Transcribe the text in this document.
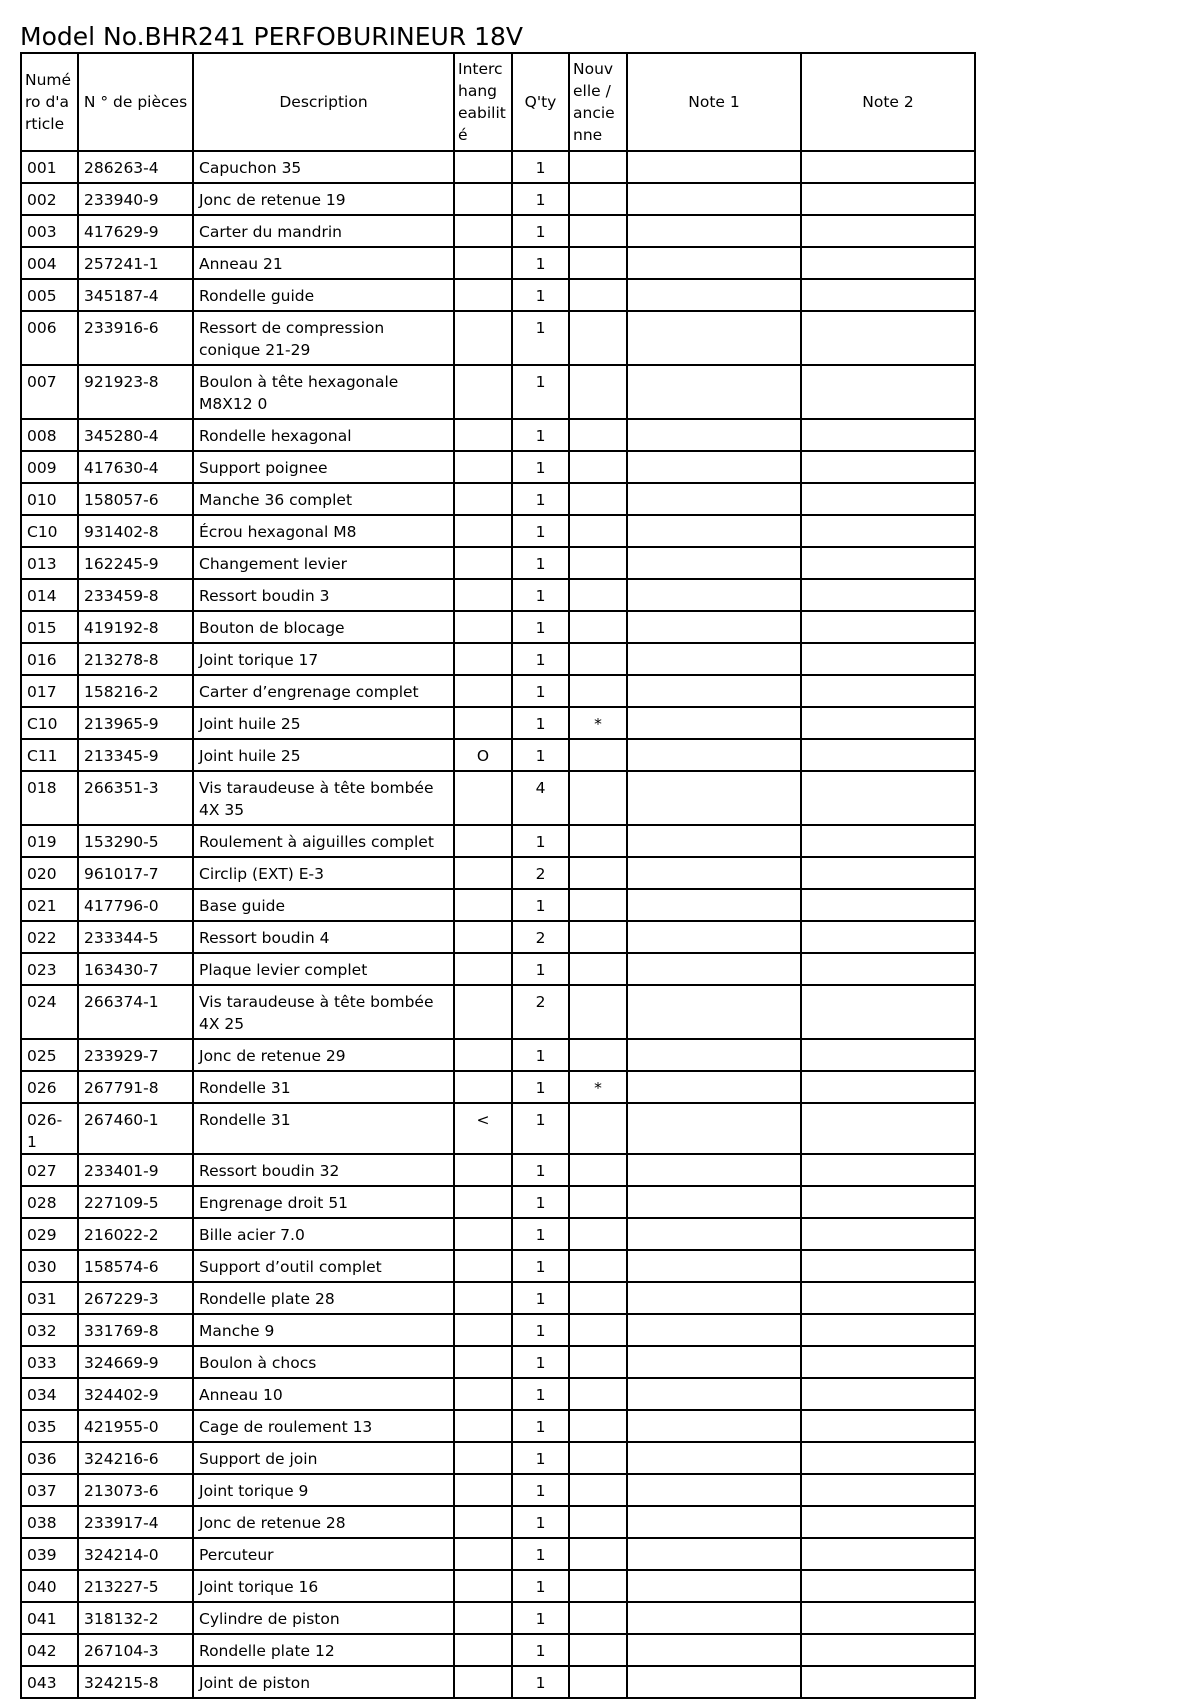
Model No.BHR241 PERFOBURINEUR 18V
Numé ro d'a rticle	N ° de pièces	Description	Interc hang eabilit é	Q'ty	Nouv elle / ancie nne	Note 1	Note 2

001	286263-4	Capuchon 35		1			

002	233940-9	Jonc de retenue 19		1			

003	417629-9	Carter du mandrin		1			

004	257241-1	Anneau 21		1			

005	345187-4	Rondelle guide		1			

006	233916-6	Ressort de compression conique 21-29		1			

007	921923-8	Boulon à tête hexagonale M8X12 0		1			

008	345280-4	Rondelle hexagonal		1			

009	417630-4	Support poignee		1			

010	158057-6	Manche 36 complet		1			

C10	931402-8	Écrou hexagonal M8		1			

013	162245-9	Changement levier		1			

014	233459-8	Ressort boudin 3		1			

015	419192-8	Bouton de blocage		1			

016	213278-8	Joint torique 17		1			

017	158216-2	Carter d’engrenage complet		1			

C10	213965-9	Joint huile 25		1	*		

C11	213345-9	Joint huile 25	O	1			

018	266351-3	Vis taraudeuse à tête bombée 4X 35		4			

019	153290-5	Roulement à aiguilles complet		1			

020	961017-7	Circlip (EXT) E-3		2			

021	417796-0	Base guide		1			

022	233344-5	Ressort boudin 4		2			

023	163430-7	Plaque levier complet		1			

024	266374-1	Vis taraudeuse à tête bombée 4X 25		2			

025	233929-7	Jonc de retenue 29		1			

026	267791-8	Rondelle 31		1	*		

026-1	267460-1	Rondelle 31	<	1			

027	233401-9	Ressort boudin 32		1			

028	227109-5	Engrenage droit 51		1			

029	216022-2	Bille acier 7.0		1			

030	158574-6	Support d’outil complet		1			

031	267229-3	Rondelle plate 28		1			

032	331769-8	Manche 9		1			

033	324669-9	Boulon à chocs		1			

034	324402-9	Anneau 10		1			

035	421955-0	Cage de roulement 13		1			

036	324216-6	Support de join		1			

037	213073-6	Joint torique 9		1			

038	233917-4	Jonc de retenue 28		1			

039	324214-0	Percuteur		1			

040	213227-5	Joint torique 16		1			

041	318132-2	Cylindre de piston		1			

042	267104-3	Rondelle plate 12		1			

043	324215-8	Joint de piston		1			
